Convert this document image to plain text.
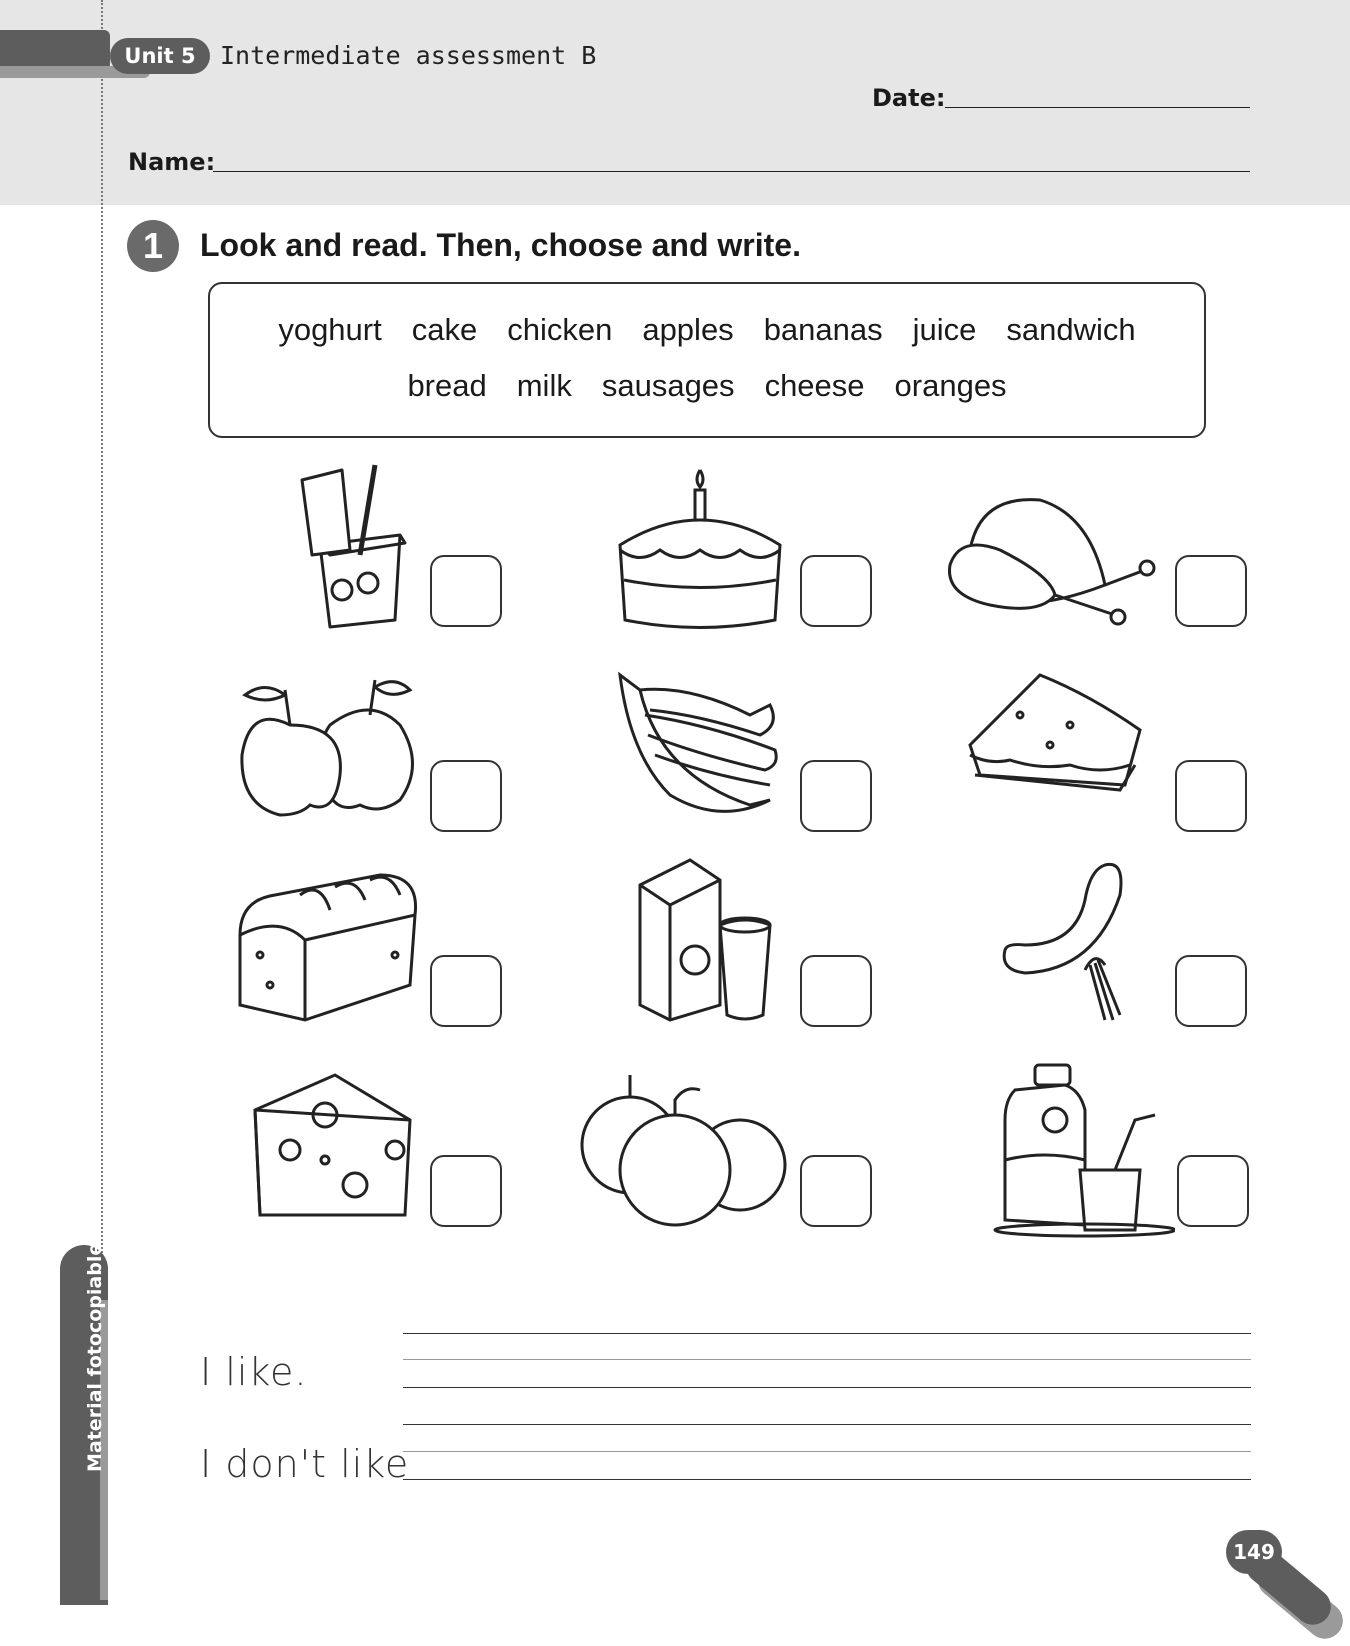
Unit 5 Intermediate assessment B
Date:
Name:
1	Look and read. Then, choose and write.
yoghurt cake chicken apples bananas juice sandwich
bread milk sausages cheese oranges
I like.
I don't like
Material fotocopiable
149
